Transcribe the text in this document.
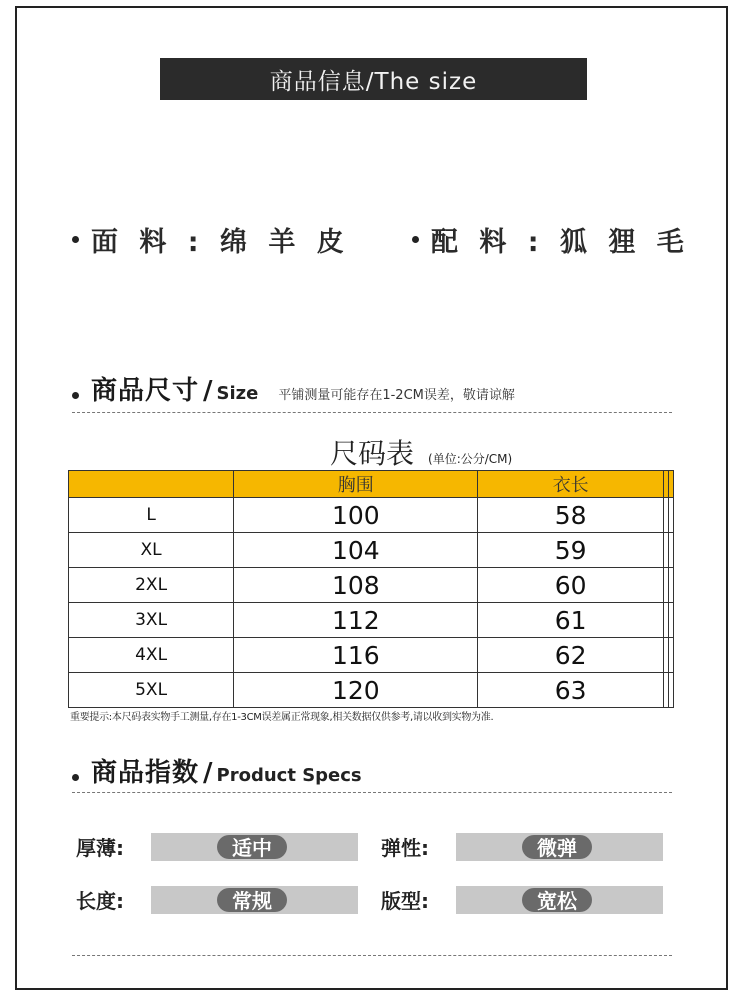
商品信息/The size
面 料 : 绵 羊 皮	配 料 : 狐 狸 毛
商品尺寸 / Size 平铺测量可能存在1-2CM误差，敬请谅解
尺码表 (单位:公分/CM)
	胸围	衣长		
L	100	58		
XL	104	59		
2XL	108	60		
3XL	112	61		
4XL	116	62		
5XL	120	63		
重要提示:本尺码表实物手工测量,存在1-3CM误差属正常现象,相关数据仅供参考,请以收到实物为准.
商品指数 / Product Specs
厚薄:	适中	弹性:	微弹
长度:	常规	版型:	宽松
